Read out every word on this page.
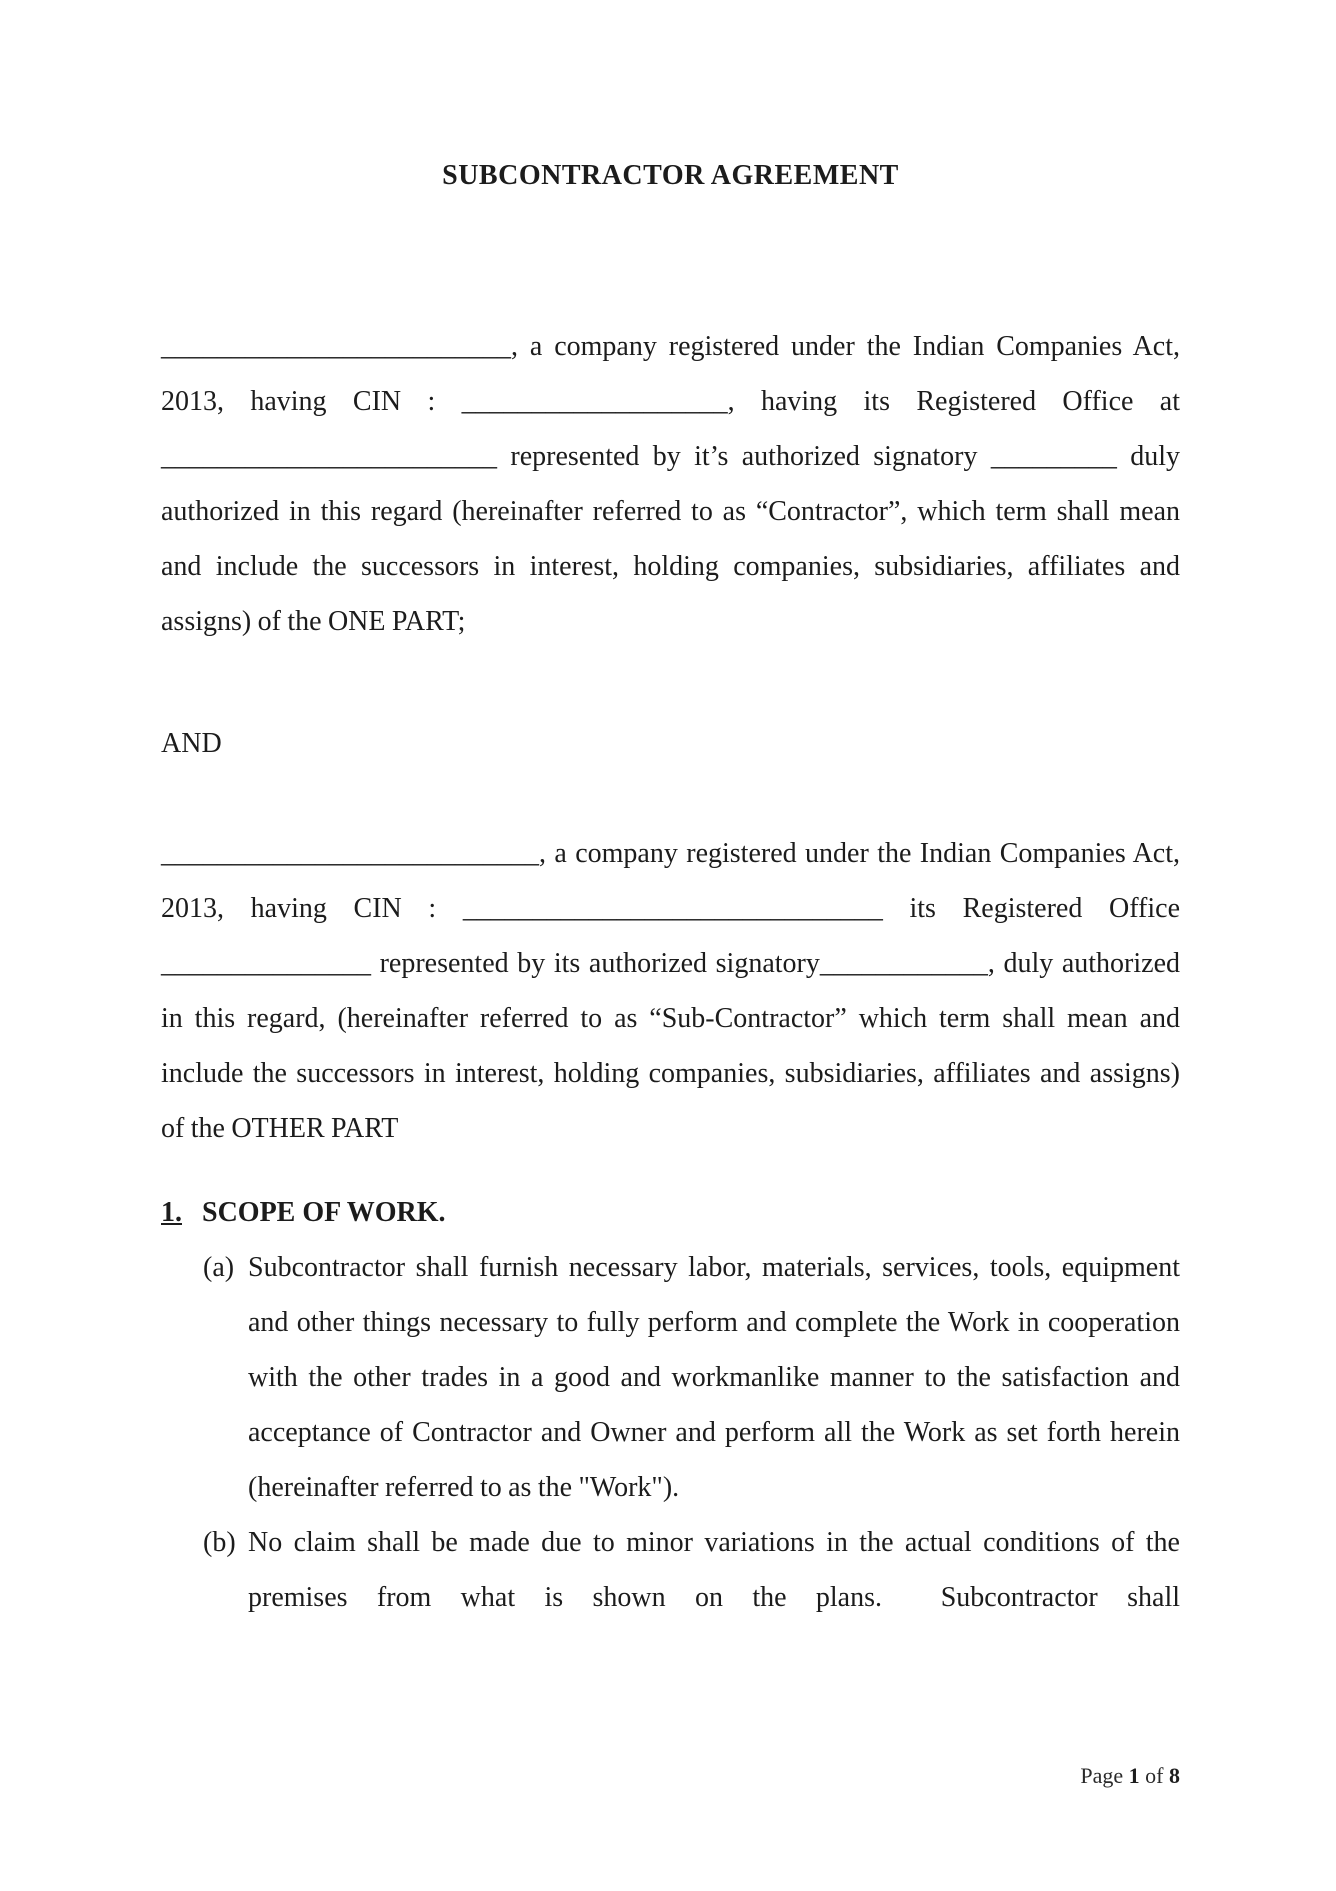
SUBCONTRACTOR AGREEMENT

_________________________, a company registered under the Indian Companies Act, 2013, having CIN : ___________________, having its Registered Office at ________________________ represented by it’s authorized signatory _________ duly authorized in this regard (hereinafter referred to as “Contractor”, which term shall mean and include the successors in interest, holding companies, subsidiaries, affiliates and assigns) of the ONE PART;

AND

___________________________, a company registered under the Indian Companies Act, 2013, having CIN : ______________________________ its Registered Office _______________ represented by its authorized signatory____________, duly authorized in this regard, (hereinafter referred to as “Sub-Contractor” which term shall mean and include the successors in interest, holding companies, subsidiaries, affiliates and assigns) of the OTHER PART

1. SCOPE OF WORK.

(a) Subcontractor shall furnish necessary labor, materials, services, tools, equipment and other things necessary to fully perform and complete the Work in cooperation with the other trades in a good and workmanlike manner to the satisfaction and acceptance of Contractor and Owner and perform all the Work as set forth herein (hereinafter referred to as the "Work").

(b) No claim shall be made due to minor variations in the actual conditions of the premises from what is shown on the plans.  Subcontractor shall

Page 1 of 8
